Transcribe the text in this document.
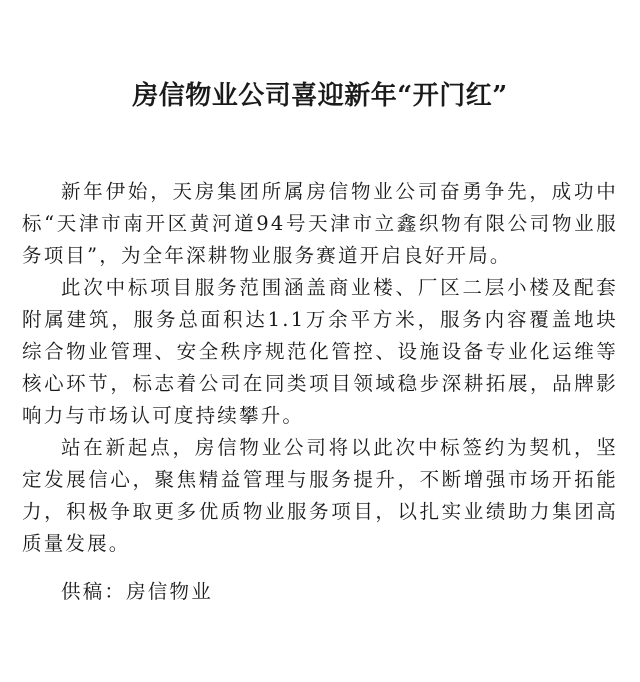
房信物业公司喜迎新年“开门红”

新年伊始，天房集团所属房信物业公司奋勇争先，成功中标“天津市南开区黄河道94号天津市立鑫织物有限公司物业服务项目”，为全年深耕物业服务赛道开启良好开局。

此次中标项目服务范围涵盖商业楼、厂区二层小楼及配套附属建筑，服务总面积达1.1万余平方米，服务内容覆盖地块综合物业管理、安全秩序规范化管控、设施设备专业化运维等核心环节，标志着公司在同类项目领域稳步深耕拓展，品牌影响力与市场认可度持续攀升。

站在新起点，房信物业公司将以此次中标签约为契机，坚定发展信心，聚焦精益管理与服务提升，不断增强市场开拓能力，积极争取更多优质物业服务项目，以扎实业绩助力集团高质量发展。

供稿：房信物业
